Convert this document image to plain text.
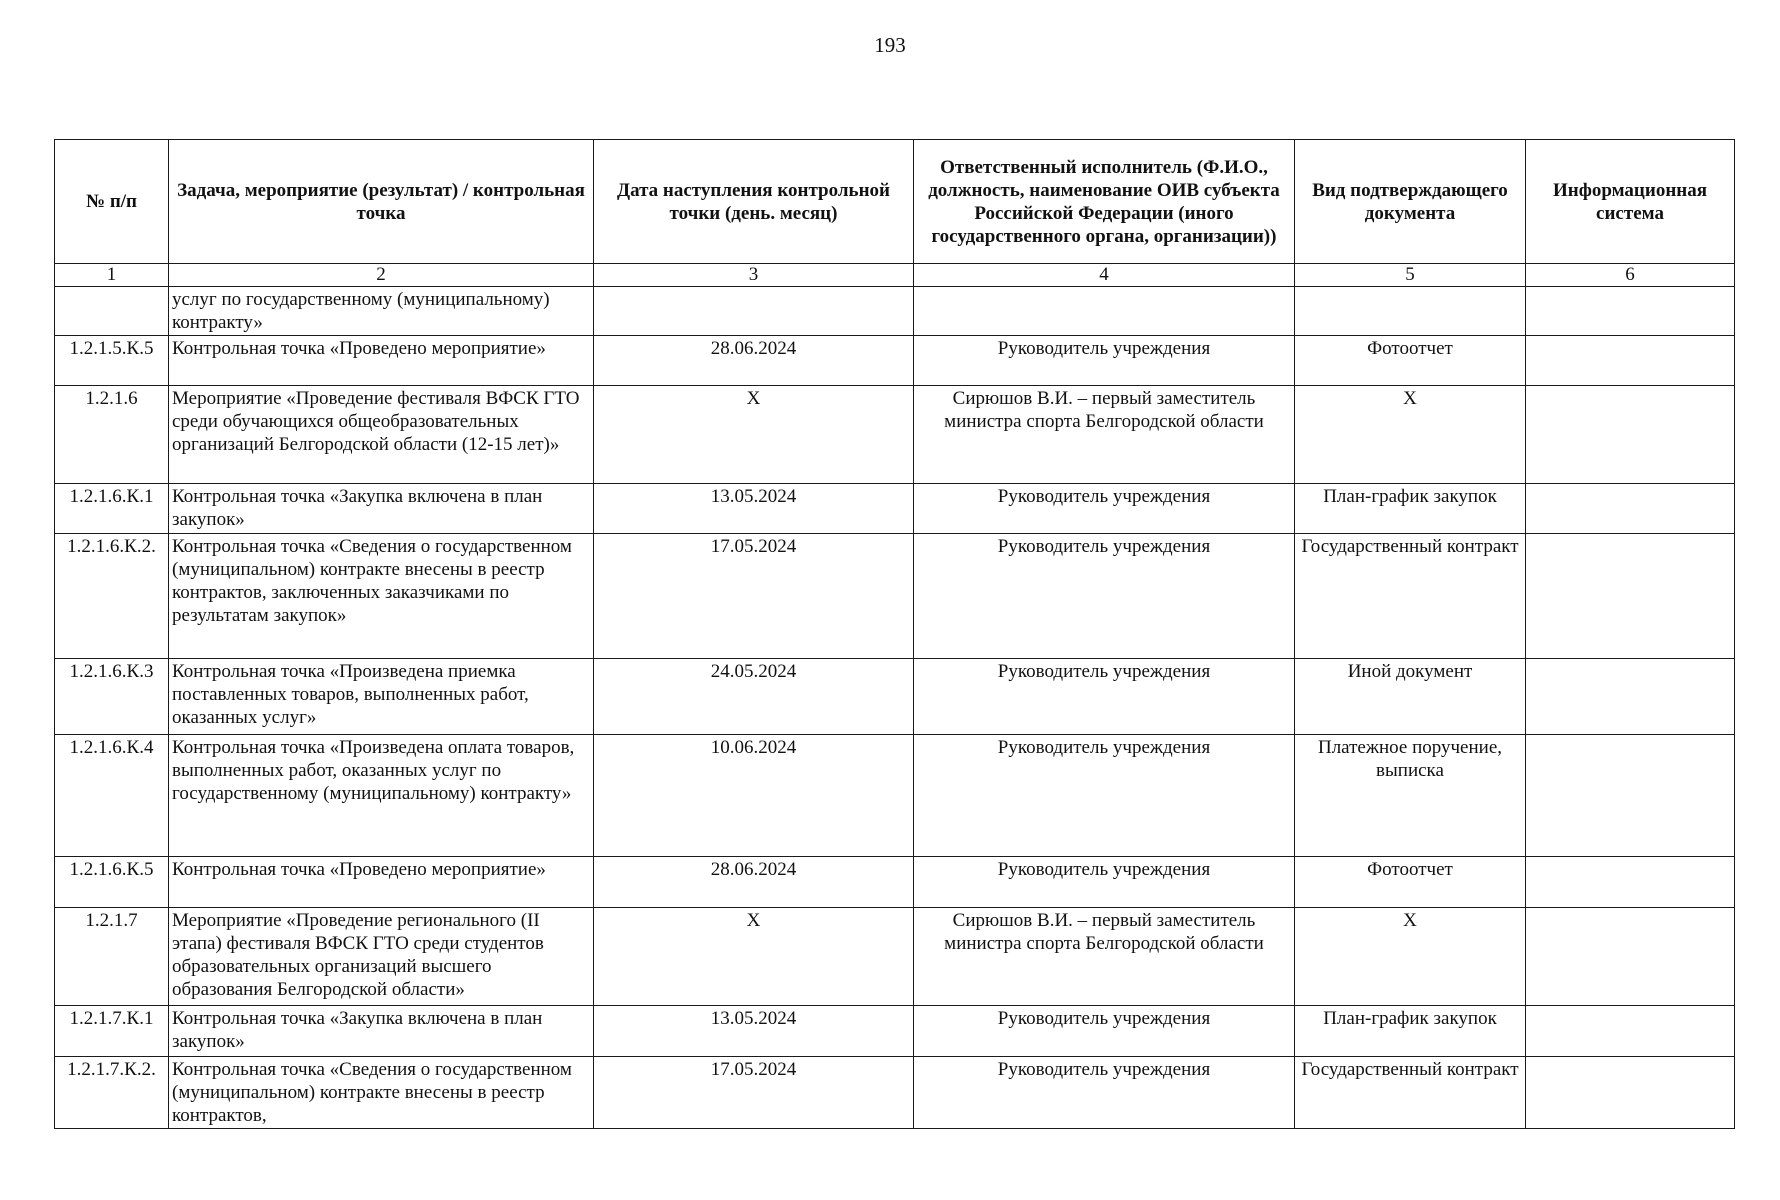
193
№ п/п	Задача, мероприятие (результат) / контрольная точка	Дата наступления контрольной точки (день. месяц)	Ответственный исполнитель (Ф.И.О., должность, наименование ОИВ субъекта Российской Федерации (иного государственного органа, организации))	Вид подтверждающего документа	Информационная система
1	2	3	4	5	6
	услуг по государственному (муниципальному) контракту»				
1.2.1.5.К.5	Контрольная точка «Проведено мероприятие»	28.06.2024	Руководитель учреждения	Фотоотчет	
1.2.1.6	Мероприятие «Проведение фестиваля ВФСК ГТО среди обучающихся общеобразовательных организаций Белгородской области (12-15 лет)»	Х	Сирюшов В.И. – первый заместитель министра спорта Белгородской области	Х	
1.2.1.6.К.1	Контрольная точка «Закупка включена в план закупок»	13.05.2024	Руководитель учреждения	План-график закупок	
1.2.1.6.К.2.	Контрольная точка «Сведения о государственном (муниципальном) контракте внесены в реестр контрактов, заключенных заказчиками по результатам закупок»	17.05.2024	Руководитель учреждения	Государственный контракт	
1.2.1.6.К.3	Контрольная точка «Произведена приемка поставленных товаров, выполненных работ, оказанных услуг»	24.05.2024	Руководитель учреждения	Иной документ	
1.2.1.6.К.4	Контрольная точка «Произведена оплата товаров, выполненных работ, оказанных услуг по государственному (муниципальному) контракту»	10.06.2024	Руководитель учреждения	Платежное поручение, выписка	
1.2.1.6.К.5	Контрольная точка «Проведено мероприятие»	28.06.2024	Руководитель учреждения	Фотоотчет	
1.2.1.7	Мероприятие «Проведение регионального (II этапа) фестиваля ВФСК ГТО среди студентов образовательных организаций высшего образования Белгородской области»	Х	Сирюшов В.И. – первый заместитель министра спорта Белгородской области	Х	
1.2.1.7.К.1	Контрольная точка «Закупка включена в план закупок»	13.05.2024	Руководитель учреждения	План-график закупок	
1.2.1.7.К.2.	Контрольная точка «Сведения о государственном (муниципальном) контракте внесены в реестр контрактов,	17.05.2024	Руководитель учреждения	Государственный контракт	
